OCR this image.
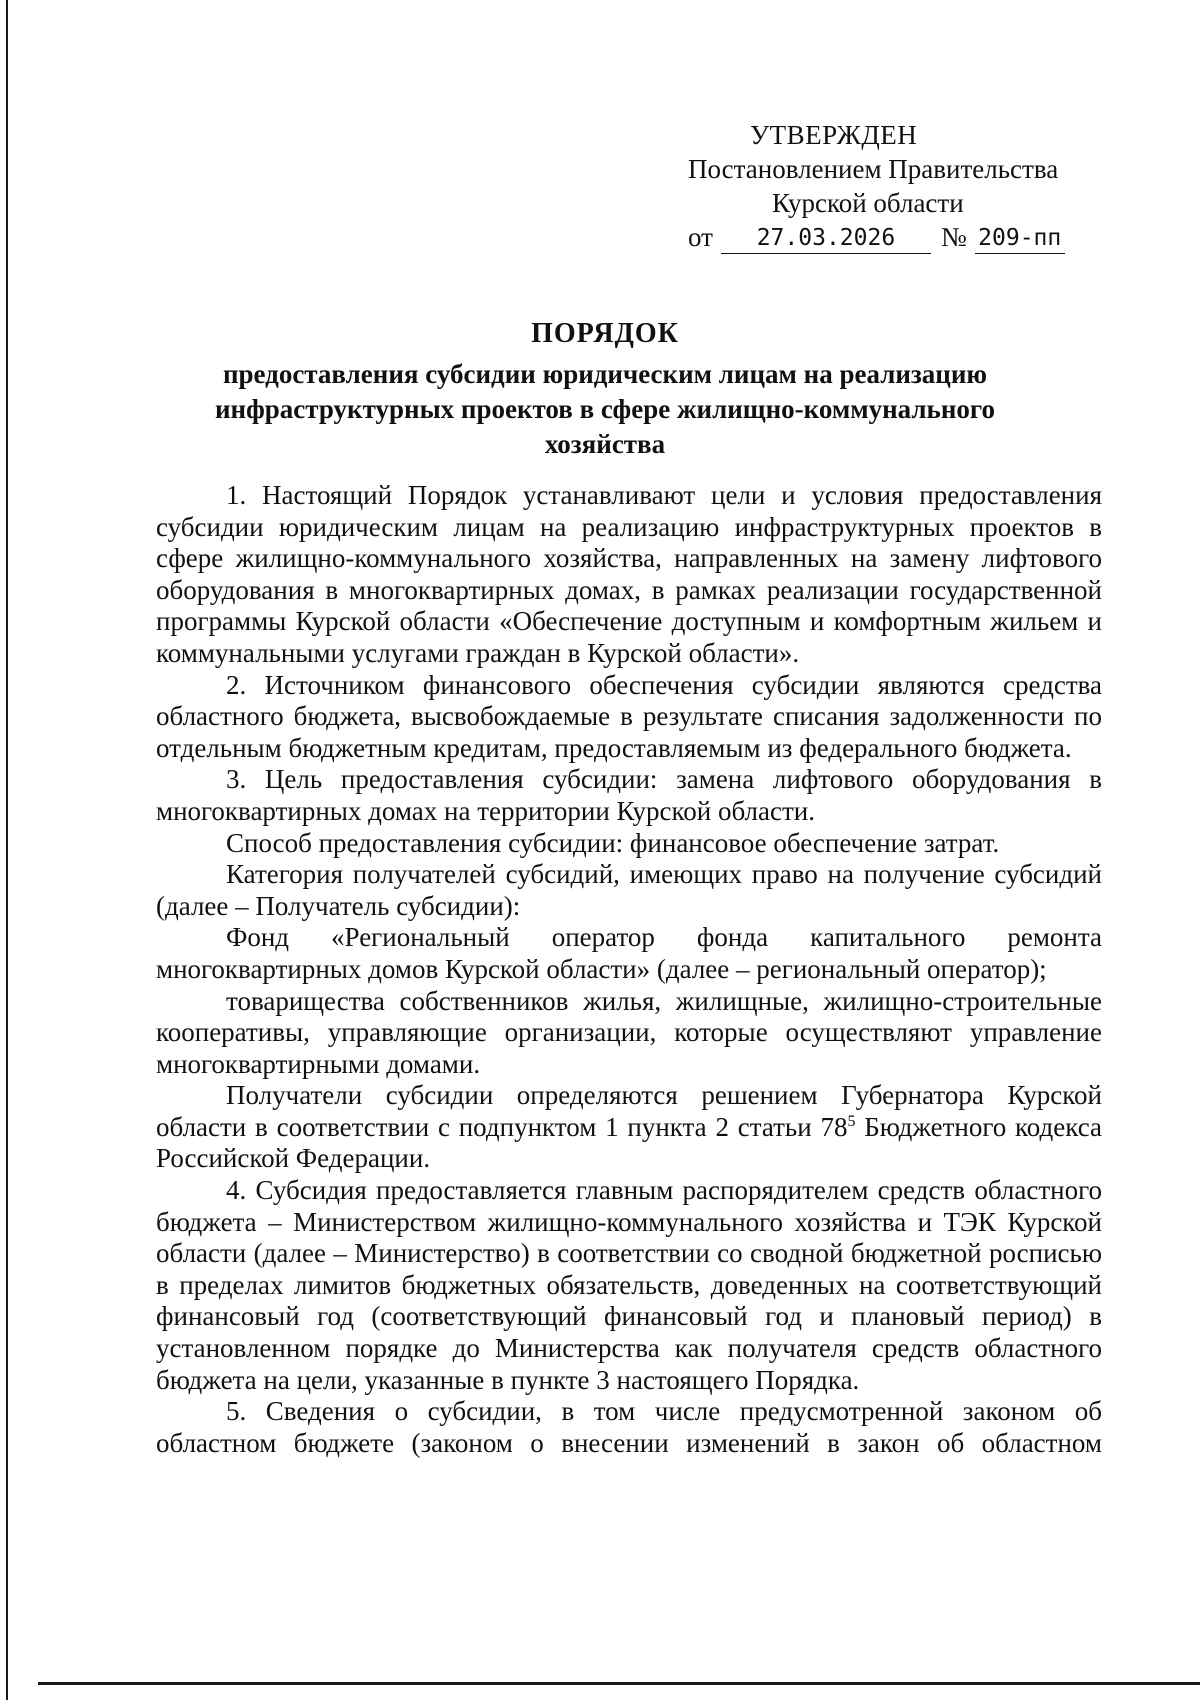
УТВЕРЖДЕН
Постановлением Правительства
Курской области
от	27.03.2026	№ 209-пп
ПОРЯДОК
предоставления субсидии юридическим лицам на реализацию
инфраструктурных проектов в сфере жилищно-коммунального
хозяйства

1. Настоящий Порядок устанавливают цели и условия предоставления субсидии юридическим лицам на реализацию инфраструктурных проектов в сфере жилищно-коммунального хозяйства, направленных на замену лифтового оборудования в многоквартирных домах, в рамках реализации государственной программы Курской области «Обеспечение доступным и комфортным жильем и коммунальными услугами граждан в Курской области».

2. Источником финансового обеспечения субсидии являются средства областного бюджета, высвобождаемые в результате списания задолженности по отдельным бюджетным кредитам, предоставляемым из федерального бюджета.

3. Цель предоставления субсидии: замена лифтового оборудования в многоквартирных домах на территории Курской области.

Способ предоставления субсидии: финансовое обеспечение затрат.

Категория получателей субсидий, имеющих право на получение субсидий (далее – Получатель субсидии):

Фонд «Региональный оператор фонда капитального ремонта многоквартирных домов Курской области» (далее – региональный оператор);

товарищества собственников жилья, жилищные, жилищно-строительные кооперативы, управляющие организации, которые осуществляют управление многоквартирными домами.

Получатели субсидии определяются решением Губернатора Курской области в соответствии с подпунктом 1 пункта 2 статьи $78^5$ Бюджетного кодекса Российской Федерации.

4. Субсидия предоставляется главным распорядителем средств областного бюджета – Министерством жилищно-коммунального хозяйства и ТЭК Курской области (далее – Министерство) в соответствии со сводной бюджетной росписью в пределах лимитов бюджетных обязательств, доведенных на соответствующий финансовый год (соответствующий финансовый год и плановый период) в установленном порядке до Министерства как получателя средств областного бюджета на цели, указанные в пункте 3 настоящего Порядка.

5. Сведения о субсидии, в том числе предусмотренной законом об областном бюджете (законом о внесении изменений в закон об областном
